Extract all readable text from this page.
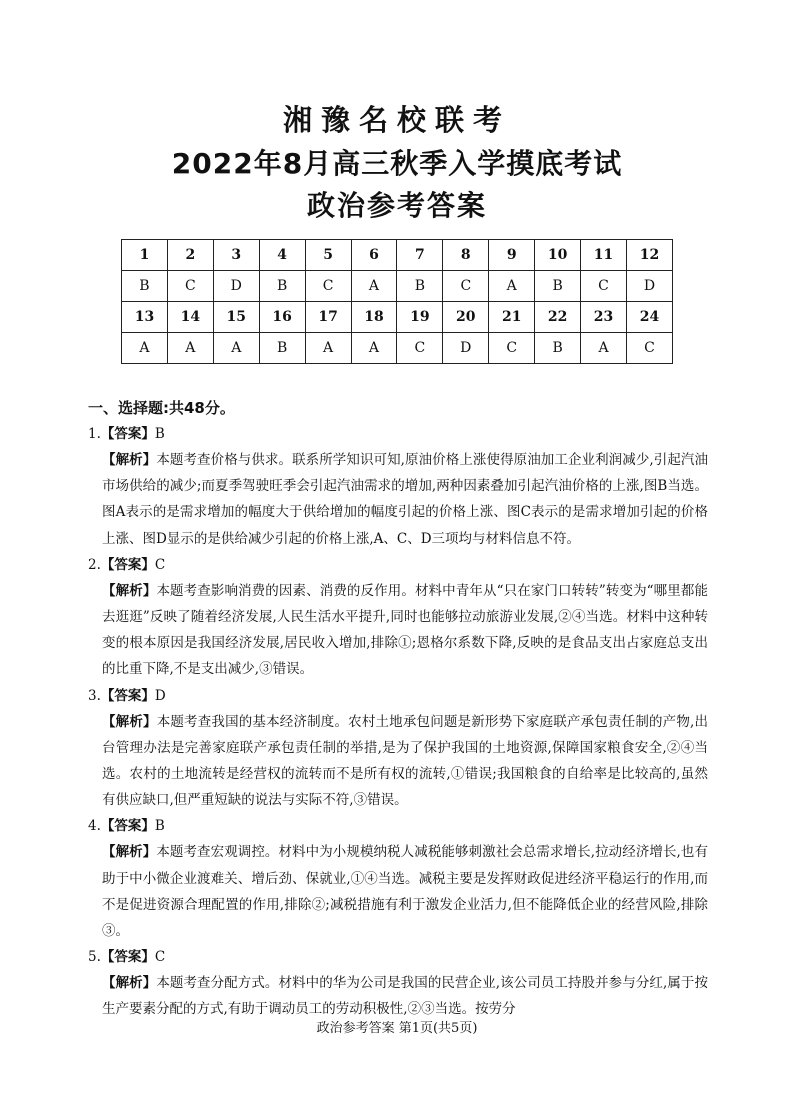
湘豫名校联考
2022年8月高三秋季入学摸底考试
政治参考答案
1	2	3	4	5	6	7	8	9	10	11	12
B	C	D	B	C	A	B	C	A	B	C	D
13	14	15	16	17	18	19	20	21	22	23	24
A	A	A	B	A	A	C	D	C	B	A	C
一、选择题:共48分。
1.【答案】B
【解析】本题考查价格与供求。联系所学知识可知,原油价格上涨使得原油加工企业利润减少,引起汽油市场供给的减少;而夏季驾驶旺季会引起汽油需求的增加,两种因素叠加引起汽油价格的上涨,图B当选。图A表示的是需求增加的幅度大于供给增加的幅度引起的价格上涨、图C表示的是需求增加引起的价格上涨、图D显示的是供给减少引起的价格上涨,A、C、D三项均与材料信息不符。
2.【答案】C
【解析】本题考查影响消费的因素、消费的反作用。材料中青年从“只在家门口转转”转变为“哪里都能去逛逛”反映了随着经济发展,人民生活水平提升,同时也能够拉动旅游业发展,②④当选。材料中这种转变的根本原因是我国经济发展,居民收入增加,排除①;恩格尔系数下降,反映的是食品支出占家庭总支出的比重下降,不是支出减少,③错误。
3.【答案】D
【解析】本题考查我国的基本经济制度。农村土地承包问题是新形势下家庭联产承包责任制的产物,出台管理办法是完善家庭联产承包责任制的举措,是为了保护我国的土地资源,保障国家粮食安全,②④当选。农村的土地流转是经营权的流转而不是所有权的流转,①错误;我国粮食的自给率是比较高的,虽然有供应缺口,但严重短缺的说法与实际不符,③错误。
4.【答案】B
【解析】本题考查宏观调控。材料中为小规模纳税人减税能够刺激社会总需求增长,拉动经济增长,也有助于中小微企业渡难关、增后劲、保就业,①④当选。减税主要是发挥财政促进经济平稳运行的作用,而不是促进资源合理配置的作用,排除②;减税措施有利于激发企业活力,但不能降低企业的经营风险,排除③。
5.【答案】C
【解析】本题考查分配方式。材料中的华为公司是我国的民营企业,该公司员工持股并参与分红,属于按生产要素分配的方式,有助于调动员工的劳动积极性,②③当选。按劳分
政治参考答案 第1页(共5页)
